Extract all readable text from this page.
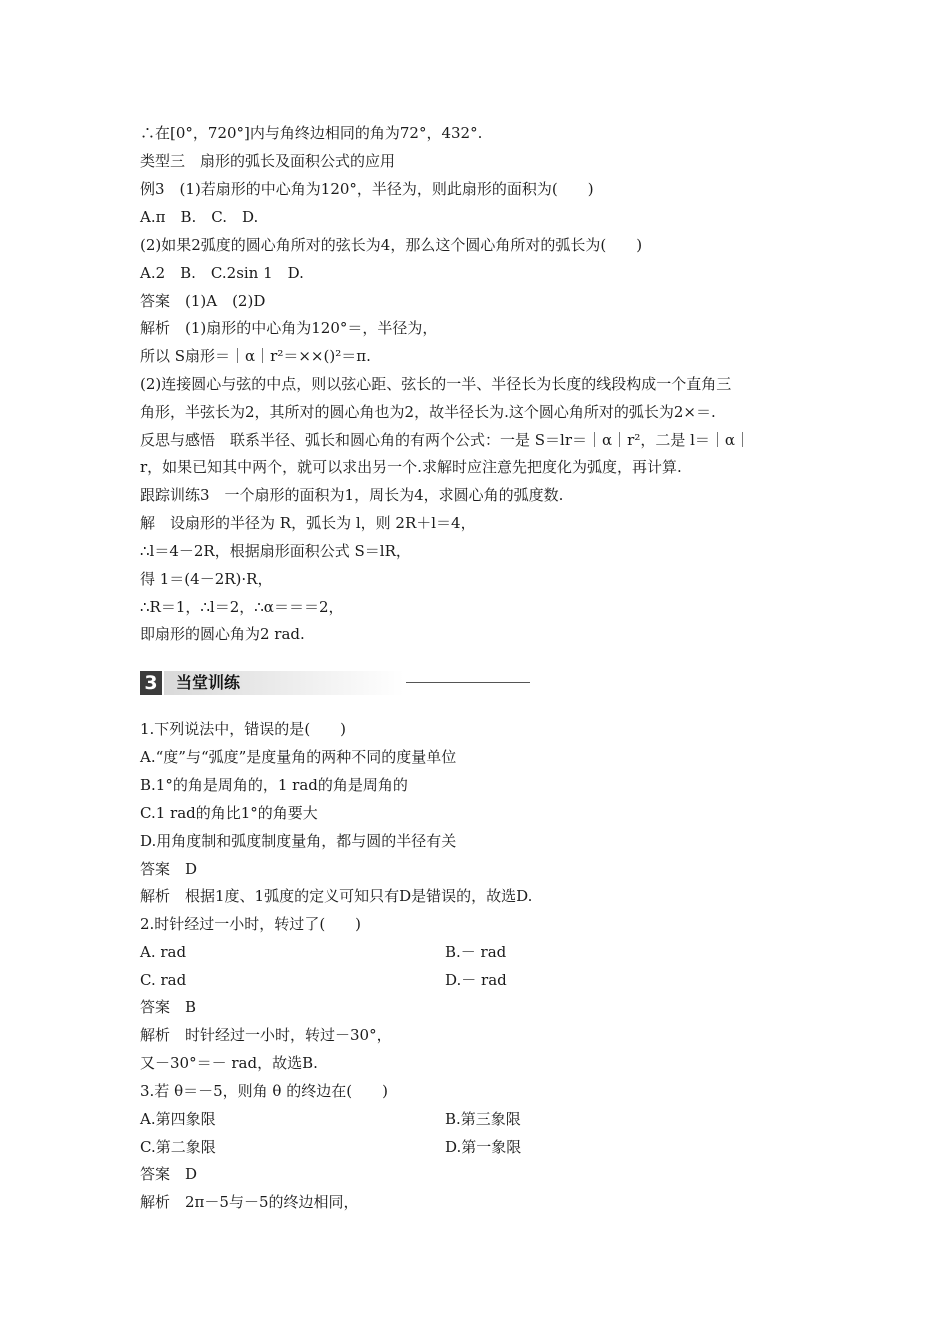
∴在[0°，720°]内与角终边相同的角为72°，432°.
类型三　扇形的弧长及面积公式的应用
例3　(1)若扇形的中心角为120°，半径为，则此扇形的面积为(　　)
A.π　B.　C.　D.
(2)如果2弧度的圆心角所对的弦长为4，那么这个圆心角所对的弧长为(　　)
A.2　B.　C.2sin 1　D.
答案　(1)A　(2)D
解析　(1)扇形的中心角为120°＝，半径为，
所以 S扇形＝｜α｜r²＝××()²＝π.
(2)连接圆心与弦的中点，则以弦心距、弦长的一半、半径长为长度的线段构成一个直角三
角形，半弦长为2，其所对的圆心角也为2，故半径长为.这个圆心角所对的弧长为2×＝.
反思与感悟　联系半径、弧长和圆心角的有两个公式：一是 S＝lr＝｜α｜r²，二是 l＝｜α｜
r，如果已知其中两个，就可以求出另一个.求解时应注意先把度化为弧度，再计算.
跟踪训练3　一个扇形的面积为1，周长为4，求圆心角的弧度数.
解　设扇形的半径为 R，弧长为 l，则 2R＋l＝4，
∴l＝4－2R，根据扇形面积公式 S＝lR，
得 1＝(4－2R)·R，
∴R＝1，∴l＝2，∴α＝＝＝2，
即扇形的圆心角为2 rad.
3 当堂训练
1.下列说法中，错误的是(　　)
A.“度”与“弧度”是度量角的两种不同的度量单位
B.1°的角是周角的，1 rad的角是周角的
C.1 rad的角比1°的角要大
D.用角度制和弧度制度量角，都与圆的半径有关
答案　D
解析　根据1度、1弧度的定义可知只有D是错误的，故选D.
2.时针经过一小时，转过了(　　)
A. rad	B.－ rad
C. rad	D.－ rad
答案　B
解析　时针经过一小时，转过－30°，
又－30°＝－ rad，故选B.
3.若 θ＝－5，则角 θ 的终边在(　　)
A.第四象限	B.第三象限
C.第二象限	D.第一象限
答案　D
解析　2π－5与－5的终边相同，
